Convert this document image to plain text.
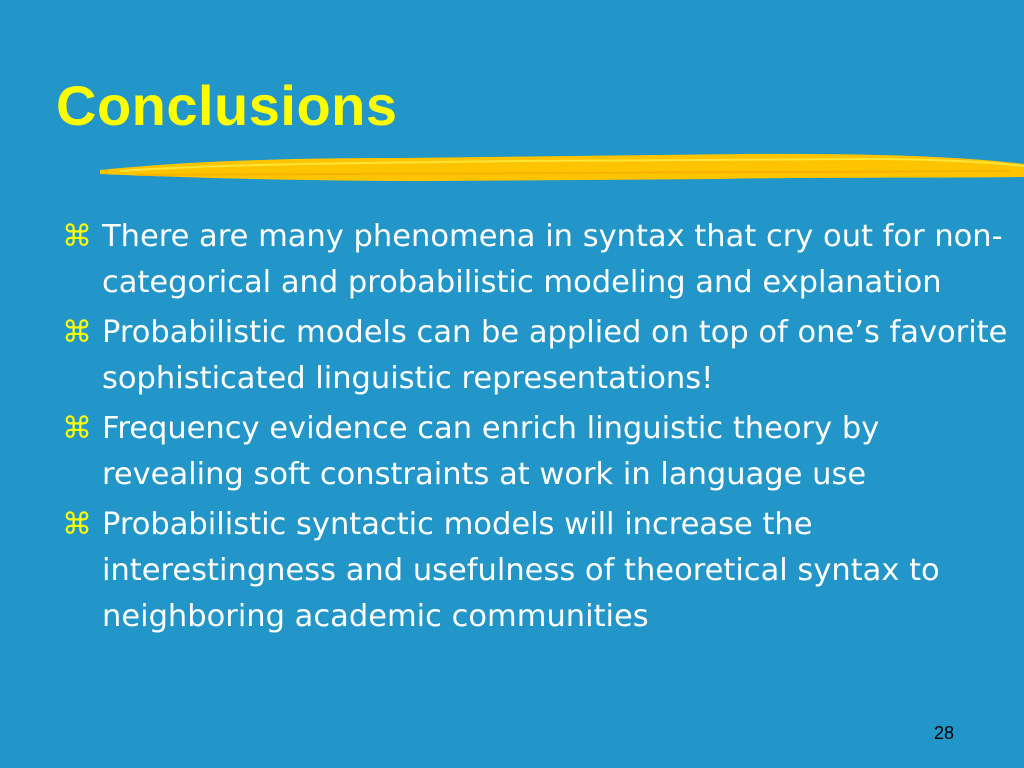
Conclusions
⌘ There are many phenomena in syntax that cry out for non-categorical and probabilistic modeling and explanation
⌘ Probabilistic models can be applied on top of one’s favorite sophisticated linguistic representations!
⌘ Frequency evidence can enrich linguistic theory by revealing soft constraints at work in language use
⌘ Probabilistic syntactic models will increase the interestingness and usefulness of theoretical syntax to neighboring academic communities
28
